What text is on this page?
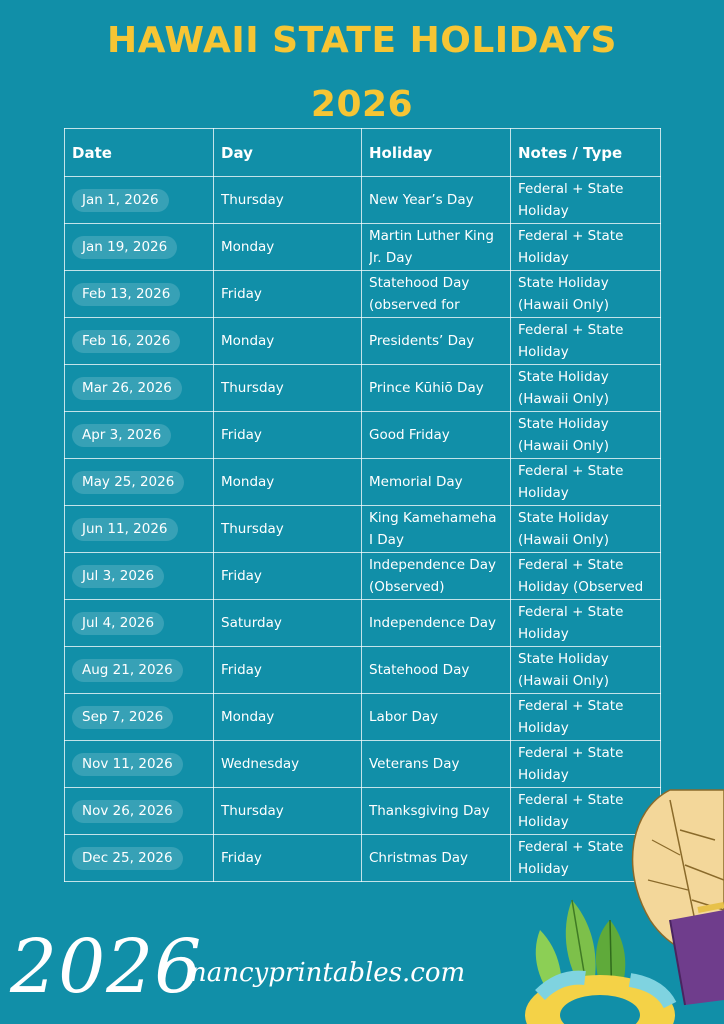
HAWAII STATE HOLIDAYS
2026
Date	Day	Holiday	Notes / Type
Jan 1, 2026	Thursday	New Year’s Day	Federal + State Holiday

Jan 19, 2026	Monday	Martin Luther King Jr. Day	Federal + State Holiday

Feb 13, 2026	Friday	Statehood Day (observed for	State Holiday (Hawaii Only)

Feb 16, 2026	Monday	Presidents’ Day	Federal + State Holiday

Mar 26, 2026	Thursday	Prince Kūhiō Day	State Holiday (Hawaii Only)

Apr 3, 2026	Friday	Good Friday	State Holiday (Hawaii Only)

May 25, 2026	Monday	Memorial Day	Federal + State Holiday

Jun 11, 2026	Thursday	King Kamehameha I Day	State Holiday (Hawaii Only)

Jul 3, 2026	Friday	Independence Day (Observed)	Federal + State Holiday (Observed

Jul 4, 2026	Saturday	Independence Day	Federal + State Holiday

Aug 21, 2026	Friday	Statehood Day	State Holiday (Hawaii Only)

Sep 7, 2026	Monday	Labor Day	Federal + State Holiday

Nov 11, 2026	Wednesday	Veterans Day	Federal + State Holiday

Nov 26, 2026	Thursday	Thanksgiving Day	Federal + State Holiday

Dec 25, 2026	Friday	Christmas Day	Federal + State Holiday
2026
nancyprintables.com
